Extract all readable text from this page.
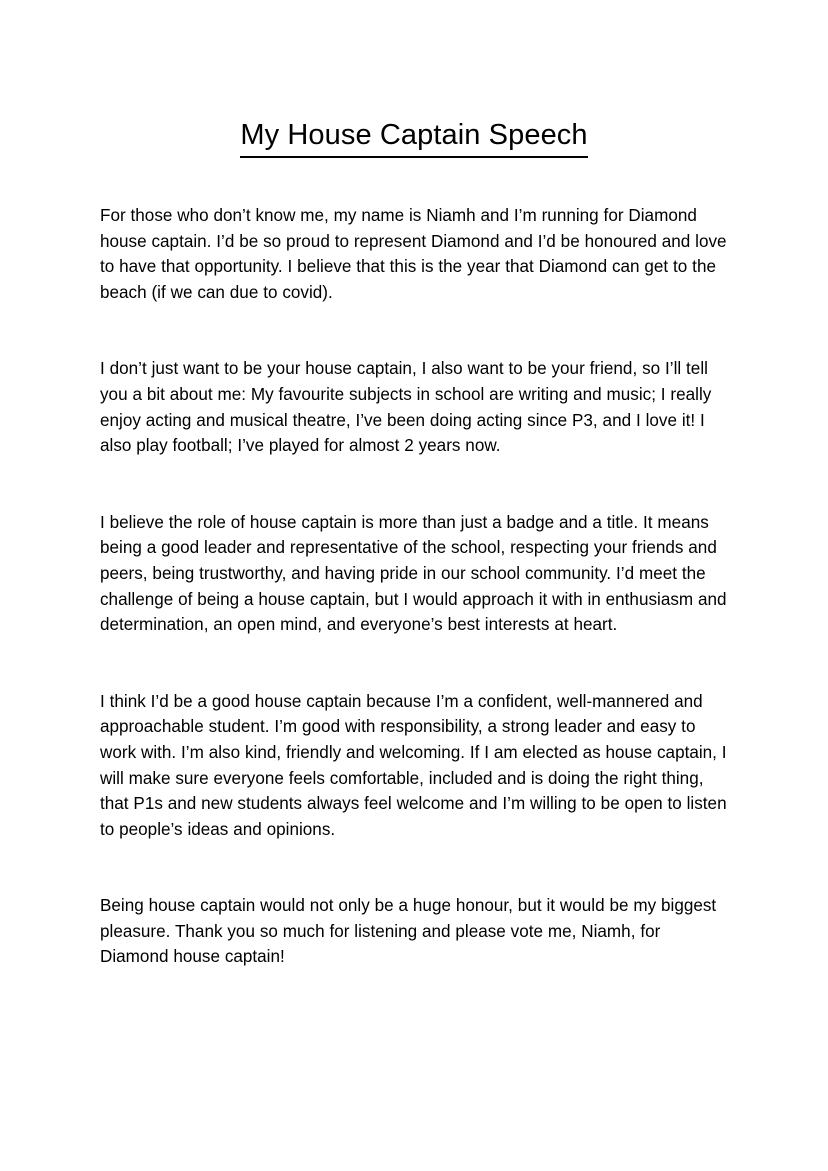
My House Captain Speech

For those who don’t know me, my name is Niamh and I’m running for Diamond house captain. I’d be so proud to represent Diamond and I’d be honoured and love to have that opportunity. I believe that this is the year that Diamond can get to the beach (if we can due to covid).

I don’t just want to be your house captain, I also want to be your friend, so I’ll tell you a bit about me: My favourite subjects in school are writing and music; I really enjoy acting and musical theatre, I’ve been doing acting since P3, and I love it! I also play football; I’ve played for almost 2 years now.

I believe the role of house captain is more than just a badge and a title. It means being a good leader and representative of the school, respecting your friends and peers, being trustworthy, and having pride in our school community. I’d meet the challenge of being a house captain, but I would approach it with in enthusiasm and determination, an open mind, and everyone’s best interests at heart.

I think I’d be a good house captain because I’m a confident, well-mannered and approachable student. I’m good with responsibility, a strong leader and easy to work with. I’m also kind, friendly and welcoming. If I am elected as house captain, I will make sure everyone feels comfortable, included and is doing the right thing, that P1s and new students always feel welcome and I’m willing to be open to listen to people’s ideas and opinions.

Being house captain would not only be a huge honour, but it would be my biggest pleasure. Thank you so much for listening and please vote me, Niamh, for Diamond house captain!
